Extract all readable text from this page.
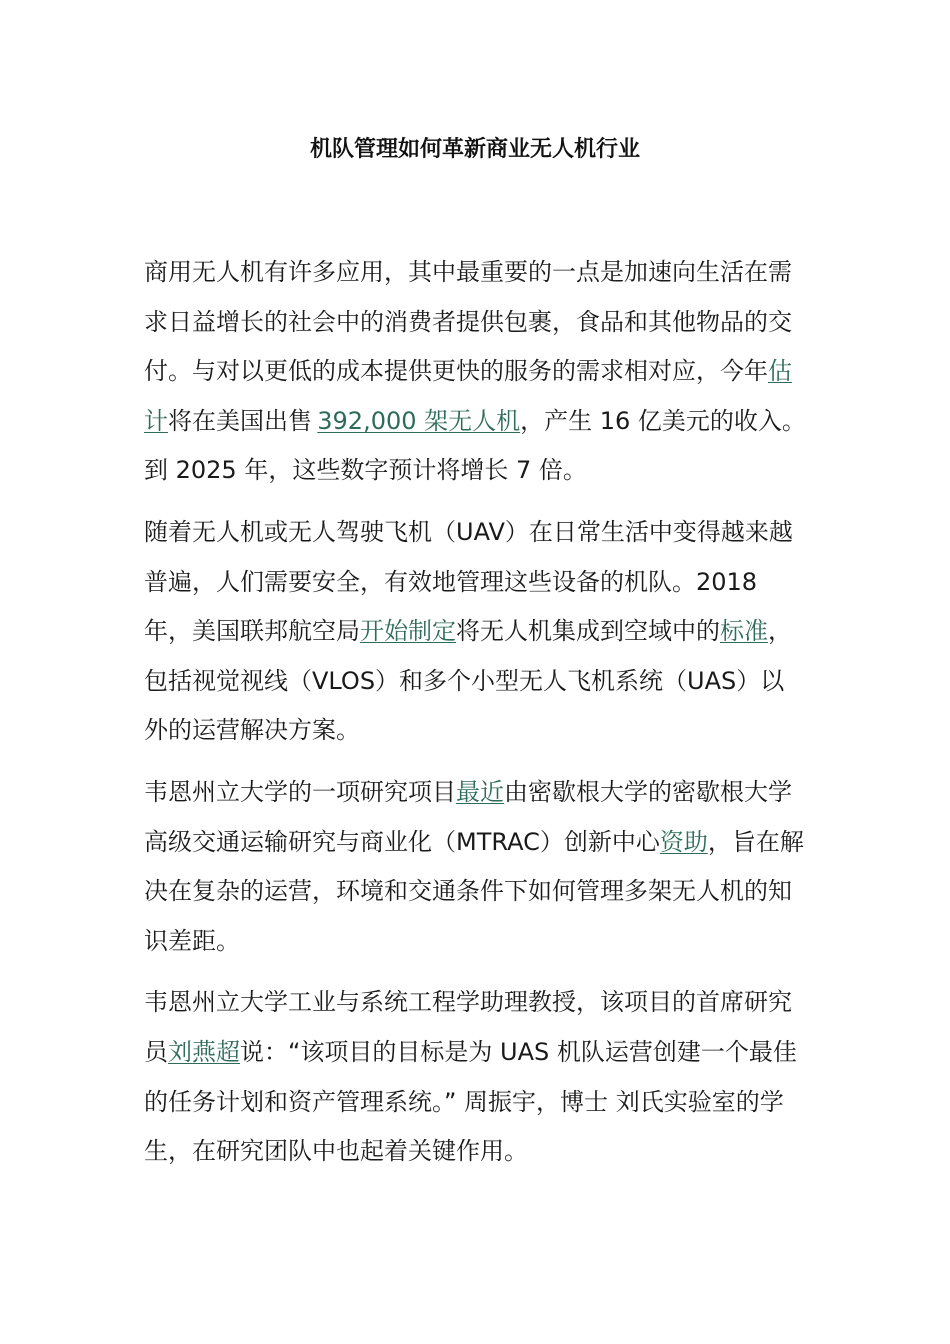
机队管理如何革新商业无人机行业

商用无人机有许多应用，其中最重要的一点是加速向生活在需求日益增长的社会中的消费者提供包裹，食品和其他物品的交付。与对以更低的成本提供更快的服务的需求相对应，今年估计将在美国出售 392,000 架无人机，产生 16 亿美元的收入。到 2025 年，这些数字预计将增长 7 倍。

随着无人机或无人驾驶飞机（UAV）在日常生活中变得越来越普遍，人们需要安全，有效地管理这些设备的机队。2018 年，美国联邦航空局开始制定将无人机集成到空域中的标准，包括视觉视线（VLOS）和多个小型无人飞机系统（UAS）以外的运营解决方案。

韦恩州立大学的一项研究项目最近由密歇根大学的密歇根大学高级交通运输研究与商业化（MTRAC）创新中心资助，旨在解决在复杂的运营，环境和交通条件下如何管理多架无人机的知识差距。

韦恩州立大学工业与系统工程学助理教授，该项目的首席研究员刘燕超说：“该项目的目标是为 UAS 机队运营创建一个最佳的任务计划和资产管理系统。” 周振宇，博士 刘氏实验室的学生，在研究团队中也起着关键作用。
